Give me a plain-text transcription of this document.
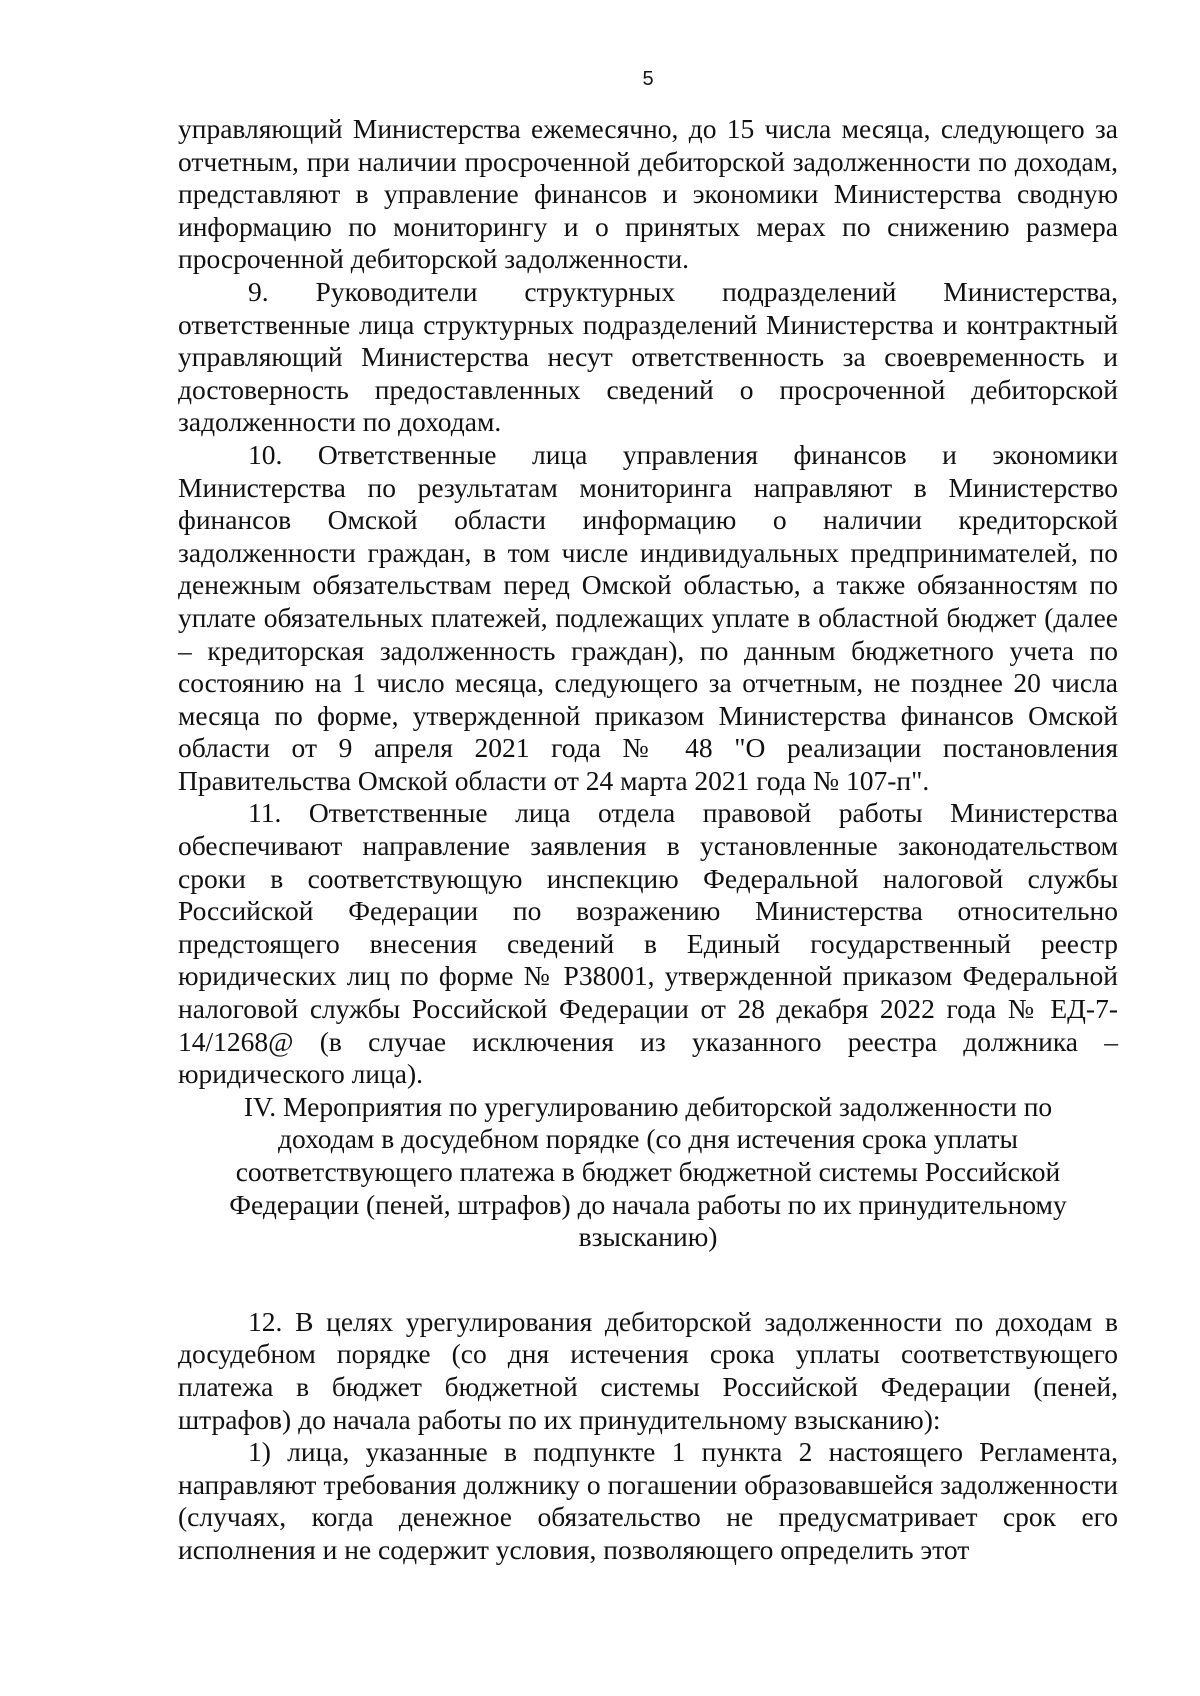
5

управляющий Министерства ежемесячно, до 15 числа месяца, следующего за отчетным, при наличии просроченной дебиторской задолженности по доходам, представляют в управление финансов и экономики Министерства сводную информацию по мониторингу и о принятых мерах по снижению размера просроченной дебиторской задолженности.

9. Руководители структурных подразделений Министерства, ответственные лица структурных подразделений Министерства и контрактный управляющий Министерства несут ответственность за своевременность и достоверность предоставленных сведений о просроченной дебиторской задолженности по доходам.

10. Ответственные лица управления финансов и экономики Министерства по результатам мониторинга направляют в Министерство финансов Омской области информацию о наличии кредиторской задолженности граждан, в том числе индивидуальных предпринимателей, по денежным обязательствам перед Омской областью, а также обязанностям по уплате обязательных платежей, подлежащих уплате в областной бюджет (далее – кредиторская задолженность граждан), по данным бюджетного учета по состоянию на 1 число месяца, следующего за отчетным, не позднее 20 числа месяца по форме, утвержденной приказом Министерства финансов Омской области от 9 апреля 2021 года № 48 "О реализации постановления Правительства Омской области от 24 марта 2021 года № 107-п".

11. Ответственные лица отдела правовой работы Министерства обеспечивают направление заявления в установленные законодательством сроки в соответствующую инспекцию Федеральной налоговой службы Российской Федерации по возражению Министерства относительно предстоящего внесения сведений в Единый государственный реестр юридических лиц по форме № Р38001, утвержденной приказом Федеральной налоговой службы Российской Федерации от 28 декабря 2022 года № ЕД-7-14/1268@ (в случае исключения из указанного реестра должника – юридического лица).

IV. Мероприятия по урегулированию дебиторской задолженности по доходам в досудебном порядке (со дня истечения срока уплаты соответствующего платежа в бюджет бюджетной системы Российской Федерации (пеней, штрафов) до начала работы по их принудительному взысканию)

12. В целях урегулирования дебиторской задолженности по доходам в досудебном порядке (со дня истечения срока уплаты соответствующего платежа в бюджет бюджетной системы Российской Федерации (пеней, штрафов) до начала работы по их принудительному взысканию):

1) лица, указанные в подпункте 1 пункта 2 настоящего Регламента, направляют требования должнику о погашении образовавшейся задолженности (случаях, когда денежное обязательство не предусматривает срок его исполнения и не содержит условия, позволяющего определить этот
